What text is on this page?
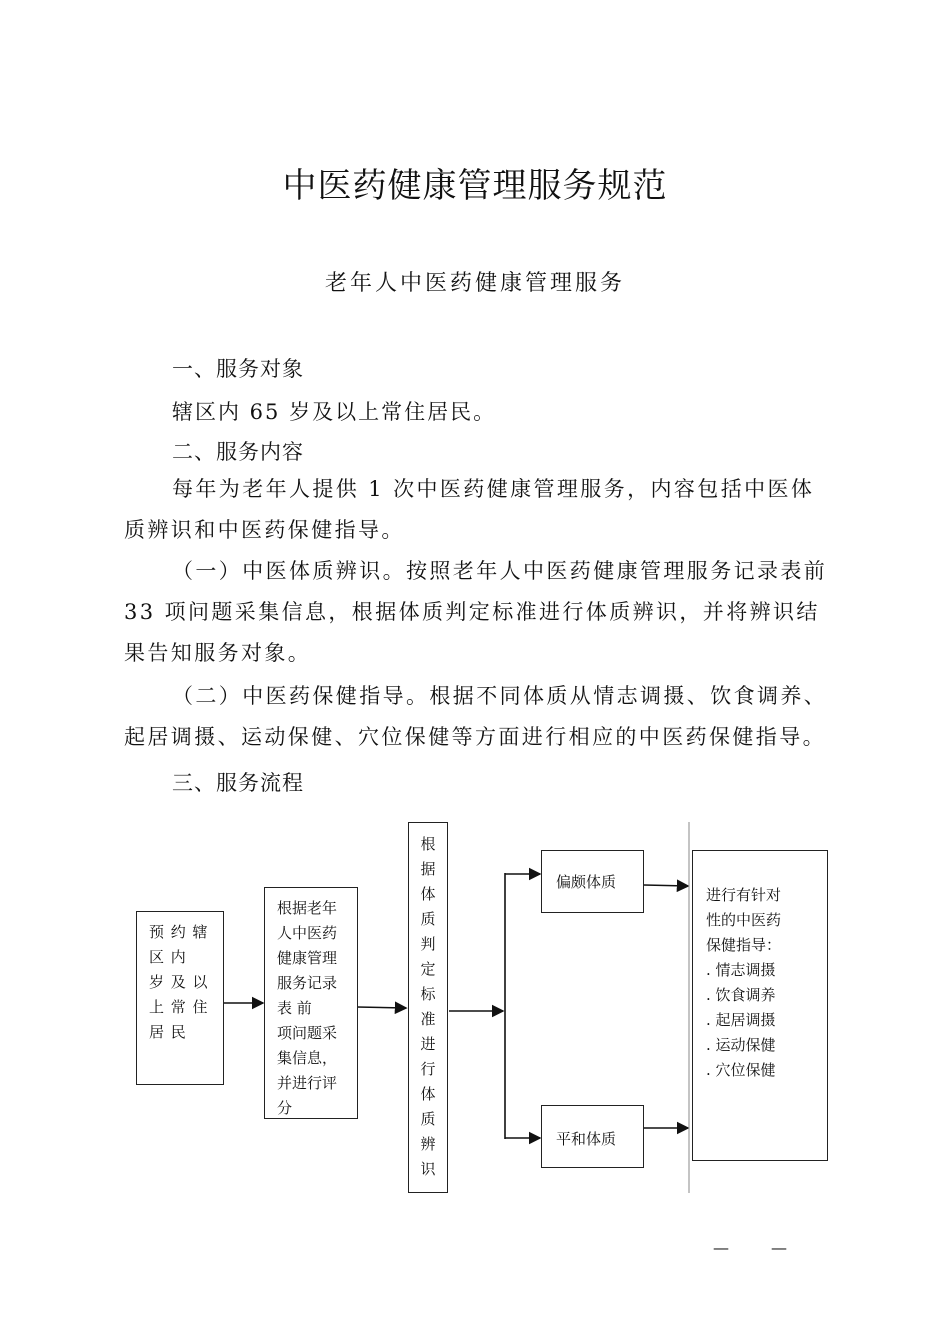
中医药健康管理服务规范
老年人中医药健康管理服务
一、服务对象
辖区内 65 岁及以上常住居民。
二、服务内容

每年为老年人提供 1 次中医药健康管理服务，内容包括中医体质辨识和中医药保健指导。

（一）中医体质辨识。按照老年人中医药健康管理服务记录表前 33 项问题采集信息，根据体质判定标准进行体质辨识，并将辨识结果告知服务对象。

（二）中医药保健指导。根据不同体质从情志调摄、饮食调养、起居调摄、运动保健、穴位保健等方面进行相应的中医药保健指导。

三、服务流程
预 约 辖
区 内
岁 及 以
上 常 住
居 民
根据老年
人中医药
健康管理
服务记录
表 前
项问题采
集信息，
并进行评
分
根
据
体
质
判
定
标
准
进
行
体
质
辨
识
偏颇体质
平和体质
进行有针对
性的中医药
保健指导：
. 情志调摄
. 饮食调养
. 起居调摄
. 运动保健
. 穴位保健
—	—
